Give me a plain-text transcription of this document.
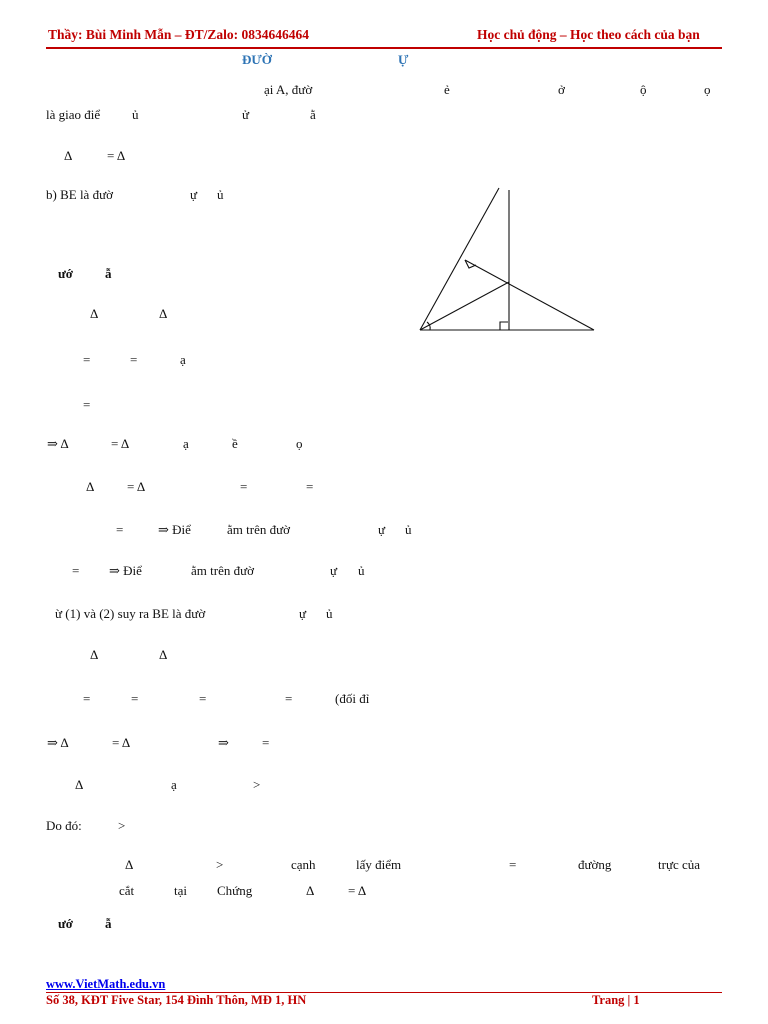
Thầy: Bùi Minh Mẫn – ĐT/Zalo: 0834646464	Học chủ động – Học theo cách của bạn
ĐƯỜ	Ự
ại A, đườ	ẻ	ở	ộ	ọ
là giao điể ủ	ử	ằ
Δ	= Δ
b) BE là đườ	ự ủ
ướ ẫ
Δ	Δ
=	=	ạ
=
⇒ Δ	= Δ	ạ	ề	ọ
Δ	= Δ	=	=
=	⇒ Điể	ằm trên đườ	ự ủ
= ⇒ Điể	ằm trên đườ	ự ủ
ừ (1) và (2) suy ra BE là đườ	ự ủ
Δ	Δ
=	=	=	=	(đối đỉ
⇒ Δ	= Δ	⇒	=
Δ	ạ	>
Do đó:	>
Δ	>	cạnh	lấy điểm	=	đường	trực của
cắt	tại Chứng	Δ	= Δ
ướ ẫ
www.VietMath.edu.vn
Số 38, KĐT Five Star, 154 Đình Thôn, MĐ 1, HN	Trang | 1
